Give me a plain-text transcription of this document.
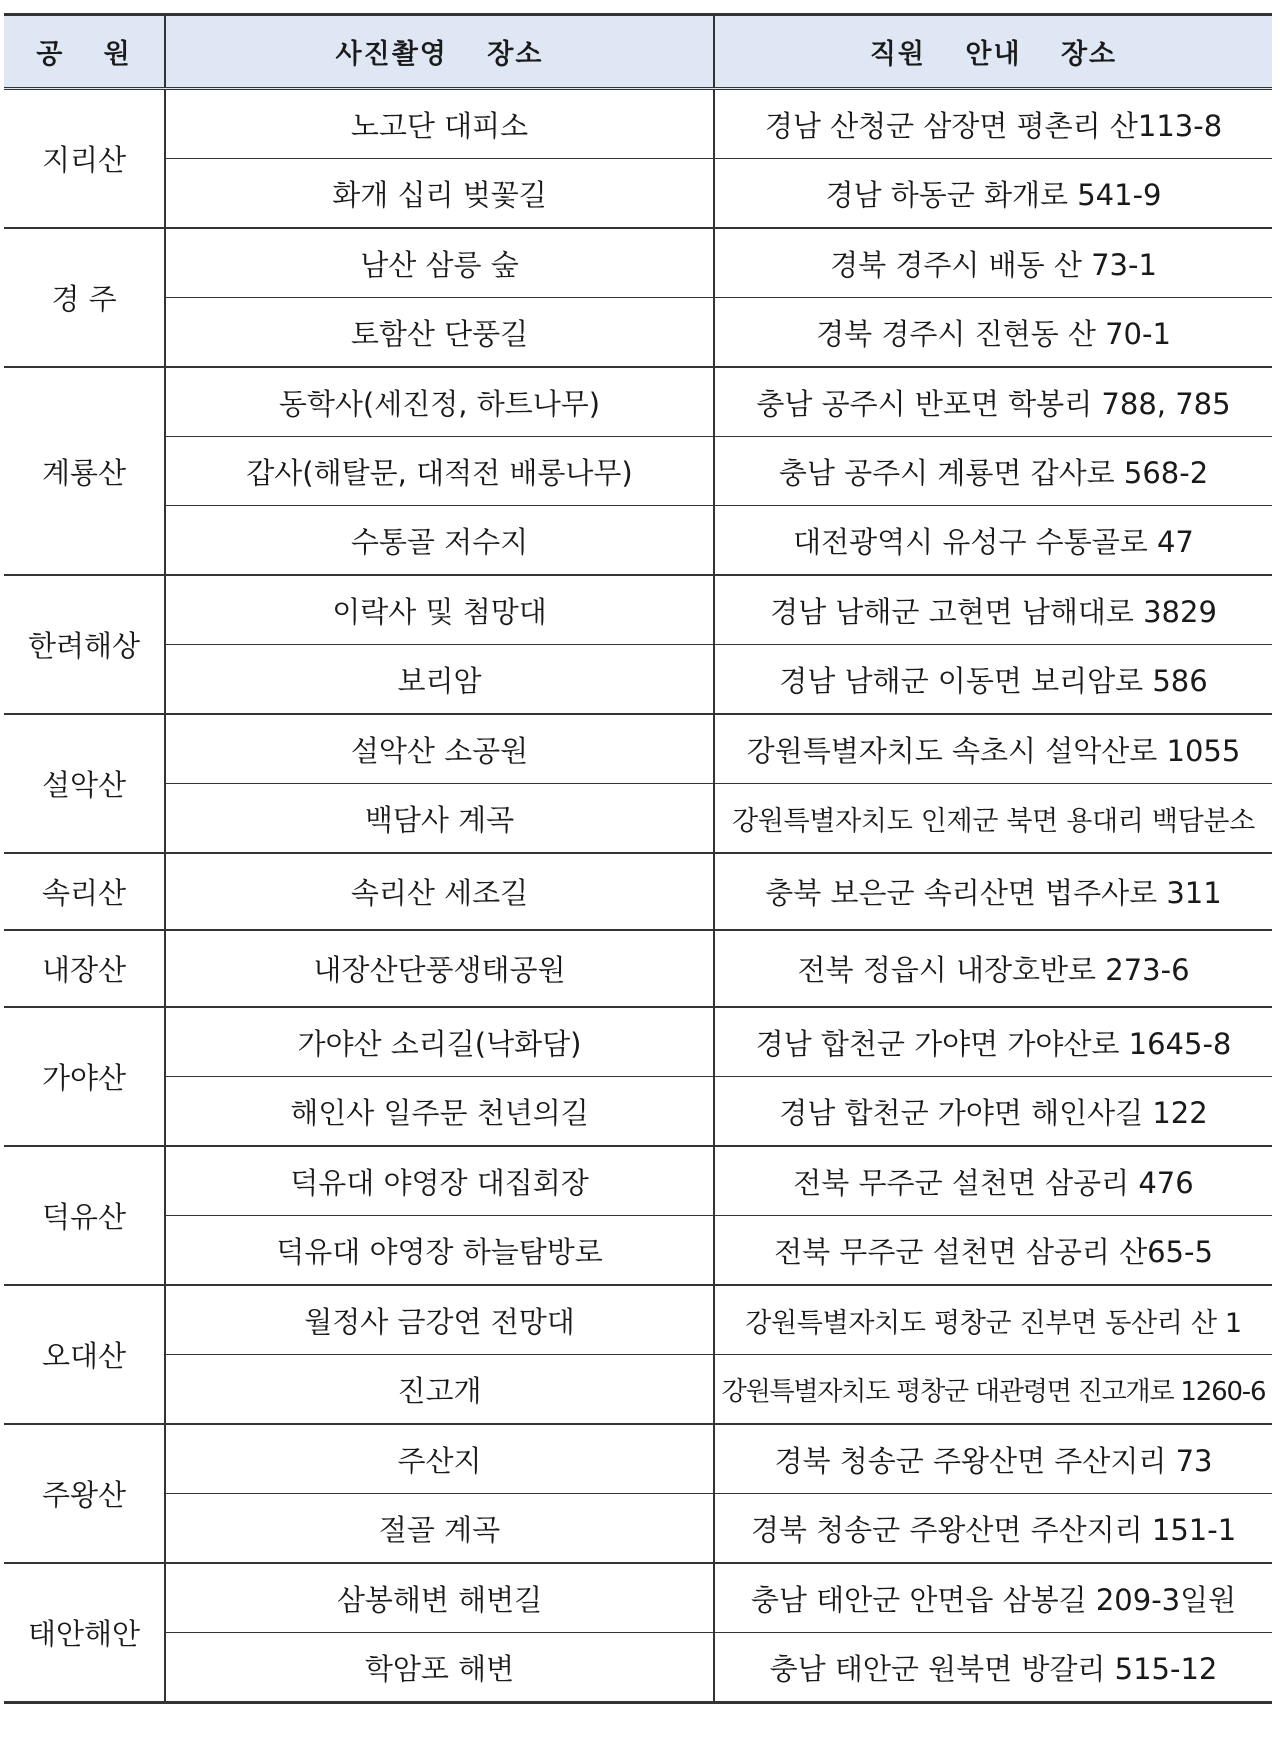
공 원	사진촬영 장소	직원 안내 장소
지리산	노고단 대피소	경남 산청군 삼장면 평촌리 산113-8
	화개 십리 벚꽃길	경남 하동군 화개로 541-9
경 주	남산 삼릉 숲	경북 경주시 배동 산 73-1
	토함산 단풍길	경북 경주시 진현동 산 70-1
계룡산	동학사(세진정, 하트나무)	충남 공주시 반포면 학봉리 788, 785
	갑사(해탈문, 대적전 배롱나무)	충남 공주시 계룡면 갑사로 568-2
	수통골 저수지	대전광역시 유성구 수통골로 47
한려해상	이락사 및 첨망대	경남 남해군 고현면 남해대로 3829
	보리암	경남 남해군 이동면 보리암로 586
설악산	설악산 소공원	강원특별자치도 속초시 설악산로 1055
	백담사 계곡	강원특별자치도 인제군 북면 용대리 백담분소
속리산	속리산 세조길	충북 보은군 속리산면 법주사로 311
내장산	내장산단풍생태공원	전북 정읍시 내장호반로 273-6
가야산	가야산 소리길(낙화담)	경남 합천군 가야면 가야산로 1645-8
	해인사 일주문 천년의길	경남 합천군 가야면 해인사길 122
덕유산	덕유대 야영장 대집회장	전북 무주군 설천면 삼공리 476
	덕유대 야영장 하늘탐방로	전북 무주군 설천면 삼공리 산65-5
오대산	월정사 금강연 전망대	강원특별자치도 평창군 진부면 동산리 산 1
	진고개	강원특별자치도 평창군 대관령면 진고개로 1260-6
주왕산	주산지	경북 청송군 주왕산면 주산지리 73
	절골 계곡	경북 청송군 주왕산면 주산지리 151-1
태안해안	삼봉해변 해변길	충남 태안군 안면읍 삼봉길 209-3일원
	학암포 해변	충남 태안군 원북면 방갈리 515-12
